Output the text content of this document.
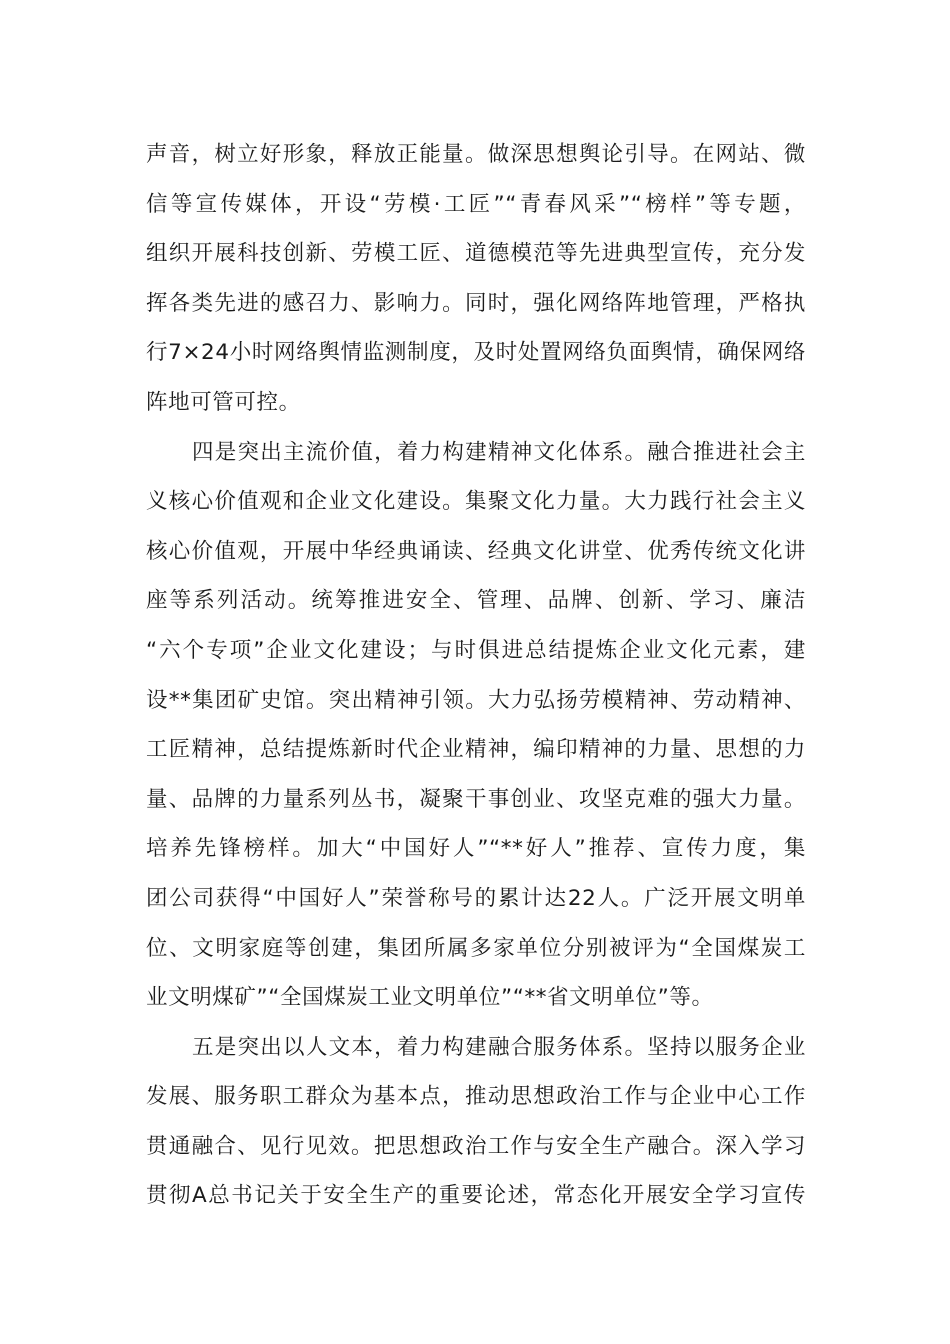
声音，树立好形象，释放正能量。做深思想舆论引导。在网站、微
信等宣传媒体，开设“劳模·工匠”“青春风采”“榜样”等专题，
组织开展科技创新、劳模工匠、道德模范等先进典型宣传，充分发
挥各类先进的感召力、影响力。同时，强化网络阵地管理，严格执
行7×24小时网络舆情监测制度，及时处置网络负面舆情，确保网络
阵地可管可控。

四是突出主流价值，着力构建精神文化体系。融合推进社会主
义核心价值观和企业文化建设。集聚文化力量。大力践行社会主义
核心价值观，开展中华经典诵读、经典文化讲堂、优秀传统文化讲
座等系列活动。统筹推进安全、管理、品牌、创新、学习、廉洁
“六个专项”企业文化建设；与时俱进总结提炼企业文化元素，建
设**集团矿史馆。突出精神引领。大力弘扬劳模精神、劳动精神、
工匠精神，总结提炼新时代企业精神，编印精神的力量、思想的力
量、品牌的力量系列丛书，凝聚干事创业、攻坚克难的强大力量。
培养先锋榜样。加大“中国好人”“**好人”推荐、宣传力度，集
团公司获得“中国好人”荣誉称号的累计达22人。广泛开展文明单
位、文明家庭等创建，集团所属多家单位分别被评为“全国煤炭工
业文明煤矿”“全国煤炭工业文明单位”“**省文明单位”等。

五是突出以人文本，着力构建融合服务体系。坚持以服务企业
发展、服务职工群众为基本点，推动思想政治工作与企业中心工作
贯通融合、见行见效。把思想政治工作与安全生产融合。深入学习
贯彻A总书记关于安全生产的重要论述，常态化开展安全学习宣传
